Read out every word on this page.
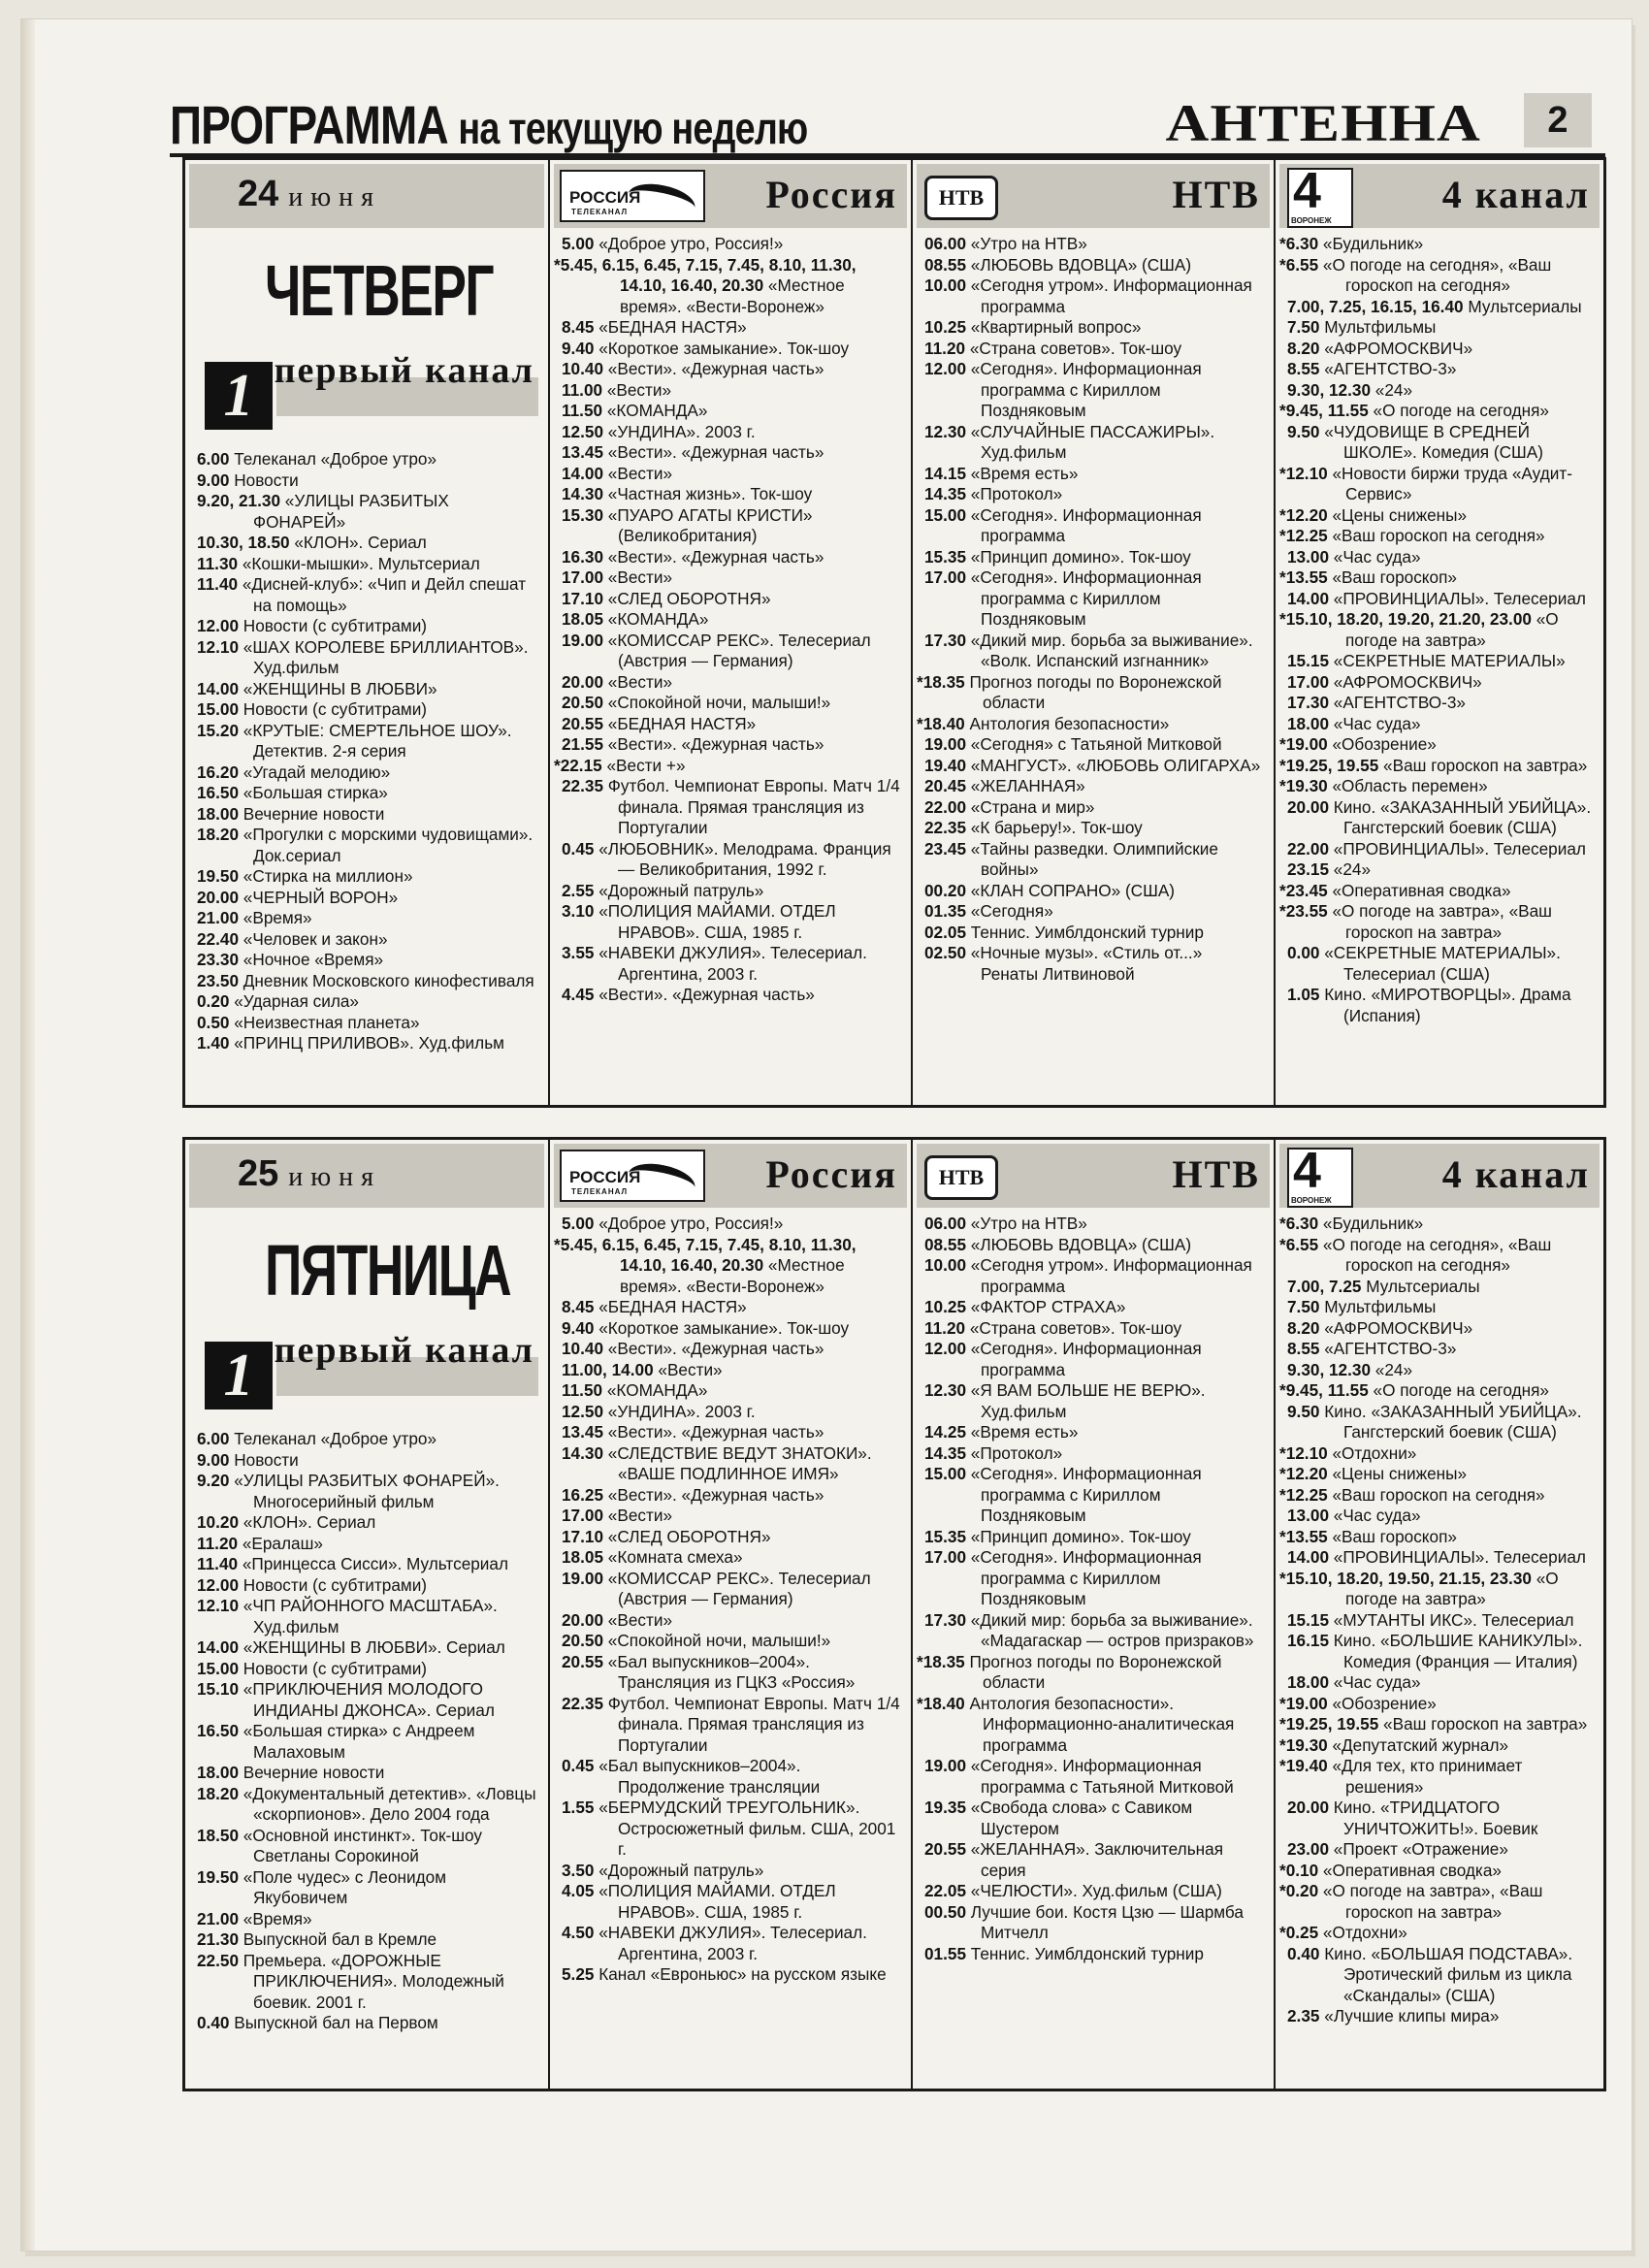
ПРОГРАММА на текущую неделю	АНТЕННА	2
24 июня
ЧЕТВЕРГ
1 первый канал
6.00 Телеканал «Доброе утро»
9.00 Новости
9.20, 21.30 «УЛИЦЫ РАЗБИТЫХ ФОНАРЕЙ»
10.30, 18.50 «КЛОН». Сериал
11.30 «Кошки-мышки». Мультсериал
11.40 «Дисней-клуб»: «Чип и Дейл спешат на помощь»
12.00 Новости (с субтитрами)
12.10 «ШАХ КОРОЛЕВЕ БРИЛЛИАНТОВ». Худ.фильм
14.00 «ЖЕНЩИНЫ В ЛЮБВИ»
15.00 Новости (с субтитрами)
15.20 «КРУТЫЕ: СМЕРТЕЛЬНОЕ ШОУ». Детектив. 2-я серия
16.20 «Угадай мелодию»
16.50 «Большая стирка»
18.00 Вечерние новости
18.20 «Прогулки с морскими чудовищами». Док.сериал
19.50 «Стирка на миллион»
20.00 «ЧЕРНЫЙ ВОРОН»
21.00 «Время»
22.40 «Человек и закон»
23.30 «Ночное «Время»
23.50 Дневник Московского кинофестиваля
0.20 «Ударная сила»
0.50 «Неизвестная планета»
1.40 «ПРИНЦ ПРИЛИВОВ». Худ.фильм
РОССИЯ
ТЕЛЕКАНАЛ	Россия
5.00 «Доброе утро, Россия!»
*5.45, 6.15, 6.45, 7.15, 7.45, 8.10, 11.30, 14.10, 16.40, 20.30 «Местное время». «Вести-Воронеж»
8.45 «БЕДНАЯ НАСТЯ»
9.40 «Короткое замыкание». Ток-шоу
10.40 «Вести». «Дежурная часть»
11.00 «Вести»
11.50 «КОМАНДА»
12.50 «УНДИНА». 2003 г.
13.45 «Вести». «Дежурная часть»
14.00 «Вести»
14.30 «Частная жизнь». Ток-шоу
15.30 «ПУАРО АГАТЫ КРИСТИ» (Великобритания)
16.30 «Вести». «Дежурная часть»
17.00 «Вести»
17.10 «СЛЕД ОБОРОТНЯ»
18.05 «КОМАНДА»
19.00 «КОМИССАР РЕКС». Телесериал (Австрия — Германия)
20.00 «Вести»
20.50 «Спокойной ночи, малыши!»
20.55 «БЕДНАЯ НАСТЯ»
21.55 «Вести». «Дежурная часть»
*22.15 «Вести +»
22.35 Футбол. Чемпионат Европы. Матч 1/4 финала. Прямая трансляция из Португалии
0.45 «ЛЮБОВНИК». Мелодрама. Франция — Великобритания, 1992 г.
2.55 «Дорожный патруль»
3.10 «ПОЛИЦИЯ МАЙАМИ. ОТДЕЛ НРАВОВ». США, 1985 г.
3.55 «НАВЕКИ ДЖУЛИЯ». Телесериал. Аргентина, 2003 г.
4.45 «Вести». «Дежурная часть»
НТВ	НТВ
06.00 «Утро на НТВ»
08.55 «ЛЮБОВЬ ВДОВЦА» (США)
10.00 «Сегодня утром». Информационная программа
10.25 «Квартирный вопрос»
11.20 «Страна советов». Ток-шоу
12.00 «Сегодня». Информационная программа с Кириллом Поздняковым
12.30 «СЛУЧАЙНЫЕ ПАССАЖИРЫ». Худ.фильм
14.15 «Время есть»
14.35 «Протокол»
15.00 «Сегодня». Информационная программа
15.35 «Принцип домино». Ток-шоу
17.00 «Сегодня». Информационная программа с Кириллом Поздняковым
17.30 «Дикий мир. борьба за выживание». «Волк. Испанский изгнанник»
*18.35 Прогноз погоды по Воронежской области
*18.40 Антология безопасности»
19.00 «Сегодня» с Татьяной Митковой
19.40 «МАНГУСТ». «ЛЮБОВЬ ОЛИГАРХА»
20.45 «ЖЕЛАННАЯ»
22.00 «Страна и мир»
22.35 «К барьеру!». Ток-шоу
23.45 «Тайны разведки. Олимпийские войны»
00.20 «КЛАН СОПРАНО» (США)
01.35 «Сегодня»
02.05 Теннис. Уимблдонский турнир
02.50 «Ночные музы». «Стиль от...» Ренаты Литвиновой
4
ВОРОНЕЖ
4 канал
*6.30 «Будильник»
*6.55 «О погоде на сегодня», «Ваш гороскоп на сегодня»
7.00, 7.25, 16.15, 16.40 Мультсериалы
7.50 Мультфильмы
8.20 «АФРОМОСКВИЧ»
8.55 «АГЕНТСТВО-3»
9.30, 12.30 «24»
*9.45, 11.55 «О погоде на сегодня»
9.50 «ЧУДОВИЩЕ В СРЕДНЕЙ ШКОЛЕ». Комедия (США)
*12.10 «Новости биржи труда «Аудит-Сервис»
*12.20 «Цены снижены»
*12.25 «Ваш гороскоп на сегодня»
13.00 «Час суда»
*13.55 «Ваш гороскоп»
14.00 «ПРОВИНЦИАЛЫ». Телесериал
*15.10, 18.20, 19.20, 21.20, 23.00 «О погоде на завтра»
15.15 «СЕКРЕТНЫЕ МАТЕРИАЛЫ»
17.00 «АФРОМОСКВИЧ»
17.30 «АГЕНТСТВО-3»
18.00 «Час суда»
*19.00 «Обозрение»
*19.25, 19.55 «Ваш гороскоп на завтра»
*19.30 «Область перемен»
20.00 Кино. «ЗАКАЗАННЫЙ УБИЙЦА». Гангстерский боевик (США)
22.00 «ПРОВИНЦИАЛЫ». Телесериал
23.15 «24»
*23.45 «Оперативная сводка»
*23.55 «О погоде на завтра», «Ваш гороскоп на завтра»
0.00 «СЕКРЕТНЫЕ МАТЕРИАЛЫ». Телесериал (США)
1.05 Кино. «МИРОТВОРЦЫ». Драма (Испания)
25 июня
ПЯТНИЦА
1 первый канал
6.00 Телеканал «Доброе утро»
9.00 Новости
9.20 «УЛИЦЫ РАЗБИТЫХ ФОНАРЕЙ». Многосерийный фильм
10.20 «КЛОН». Сериал
11.20 «Ералаш»
11.40 «Принцесса Сисси». Мультсериал
12.00 Новости (с субтитрами)
12.10 «ЧП РАЙОННОГО МАСШТАБА». Худ.фильм
14.00 «ЖЕНЩИНЫ В ЛЮБВИ». Сериал
15.00 Новости (с субтитрами)
15.10 «ПРИКЛЮЧЕНИЯ МОЛОДОГО ИНДИАНЫ ДЖОНСА». Сериал
16.50 «Большая стирка» с Андреем Малаховым
18.00 Вечерние новости
18.20 «Документальный детектив». «Ловцы «скорпионов». Дело 2004 года
18.50 «Основной инстинкт». Ток-шоу Светланы Сорокиной
19.50 «Поле чудес» с Леонидом Якубовичем
21.00 «Время»
21.30 Выпускной бал в Кремле
22.50 Премьера. «ДОРОЖНЫЕ ПРИКЛЮЧЕНИЯ». Молодежный боевик. 2001 г.
0.40 Выпускной бал на Первом
РОССИЯ
ТЕЛЕКАНАЛ	Россия
5.00 «Доброе утро, Россия!»
*5.45, 6.15, 6.45, 7.15, 7.45, 8.10, 11.30, 14.10, 16.40, 20.30 «Местное время». «Вести-Воронеж»
8.45 «БЕДНАЯ НАСТЯ»
9.40 «Короткое замыкание». Ток-шоу
10.40 «Вести». «Дежурная часть»
11.00, 14.00 «Вести»
11.50 «КОМАНДА»
12.50 «УНДИНА». 2003 г.
13.45 «Вести». «Дежурная часть»
14.30 «СЛЕДСТВИЕ ВЕДУТ ЗНАТОКИ». «ВАШЕ ПОДЛИННОЕ ИМЯ»
16.25 «Вести». «Дежурная часть»
17.00 «Вести»
17.10 «СЛЕД ОБОРОТНЯ»
18.05 «Комната смеха»
19.00 «КОМИССАР РЕКС». Телесериал (Австрия — Германия)
20.00 «Вести»
20.50 «Спокойной ночи, малыши!»
20.55 «Бал выпускников–2004». Трансляция из ГЦКЗ «Россия»
22.35 Футбол. Чемпионат Европы. Матч 1/4 финала. Прямая трансляция из Португалии
0.45 «Бал выпускников–2004». Продолжение трансляции
1.55 «БЕРМУДСКИЙ ТРЕУГОЛЬНИК». Остросюжетный фильм. США, 2001 г.
3.50 «Дорожный патруль»
4.05 «ПОЛИЦИЯ МАЙАМИ. ОТДЕЛ НРАВОВ». США, 1985 г.
4.50 «НАВЕКИ ДЖУЛИЯ». Телесериал. Аргентина, 2003 г.
5.25 Канал «Евроньюс» на русском языке
НТВ	НТВ
06.00 «Утро на НТВ»
08.55 «ЛЮБОВЬ ВДОВЦА» (США)
10.00 «Сегодня утром». Информационная программа
10.25 «ФАКТОР СТРАХА»
11.20 «Страна советов». Ток-шоу
12.00 «Сегодня». Информационная программа
12.30 «Я ВАМ БОЛЬШЕ НЕ ВЕРЮ». Худ.фильм
14.25 «Время есть»
14.35 «Протокол»
15.00 «Сегодня». Информационная программа с Кириллом Поздняковым
15.35 «Принцип домино». Ток-шоу
17.00 «Сегодня». Информационная программа с Кириллом Поздняковым
17.30 «Дикий мир: борьба за выживание». «Мадагаскар — остров призраков»
*18.35 Прогноз погоды по Воронежской области
*18.40 Антология безопасности». Информационно-аналитическая программа
19.00 «Сегодня». Информационная программа с Татьяной Митковой
19.35 «Свобода слова» с Савиком Шустером
20.55 «ЖЕЛАННАЯ». Заключительная серия
22.05 «ЧЕЛЮСТИ». Худ.фильм (США)
00.50 Лучшие бои. Костя Цзю — Шармба Митчелл
01.55 Теннис. Уимблдонский турнир
4
ВОРОНЕЖ
4 канал
*6.30 «Будильник»
*6.55 «О погоде на сегодня», «Ваш гороскоп на сегодня»
7.00, 7.25 Мультсериалы
7.50 Мультфильмы
8.20 «АФРОМОСКВИЧ»
8.55 «АГЕНТСТВО-3»
9.30, 12.30 «24»
*9.45, 11.55 «О погоде на сегодня»
9.50 Кино. «ЗАКАЗАННЫЙ УБИЙЦА». Гангстерский боевик (США)
*12.10 «Отдохни»
*12.20 «Цены снижены»
*12.25 «Ваш гороскоп на сегодня»
13.00 «Час суда»
*13.55 «Ваш гороскоп»
14.00 «ПРОВИНЦИАЛЫ». Телесериал
*15.10, 18.20, 19.50, 21.15, 23.30 «О погоде на завтра»
15.15 «МУТАНТЫ ИКС». Телесериал
16.15 Кино. «БОЛЬШИЕ КАНИКУЛЫ». Комедия (Франция — Италия)
18.00 «Час суда»
*19.00 «Обозрение»
*19.25, 19.55 «Ваш гороскоп на завтра»
*19.30 «Депутатский журнал»
*19.40 «Для тех, кто принимает решения»
20.00 Кино. «ТРИДЦАТОГО УНИЧТОЖИТЬ!». Боевик
23.00 «Проект «Отражение»
*0.10 «Оперативная сводка»
*0.20 «О погоде на завтра», «Ваш гороскоп на завтра»
*0.25 «Отдохни»
0.40 Кино. «БОЛЬШАЯ ПОДСТАВА». Эротический фильм из цикла «Скандалы» (США)
2.35 «Лучшие клипы мира»
